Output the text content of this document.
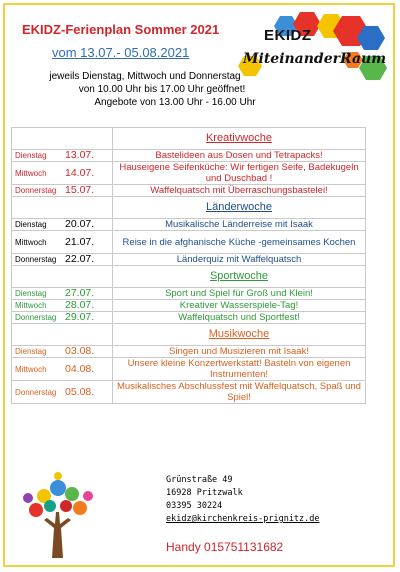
EKIDZ-Ferienplan Sommer 2021
vom 13.07.- 05.08.2021
jeweils Dienstag, Mittwoch und Donnerstag
von 10.00 Uhr bis 17.00 Uhr geöffnet!
Angebote von 13.00 Uhr - 16.00 Uhr
EKIDZ
MiteinanderRaum
	Kreativwoche
Dienstag 13.07.	Bastelideen aus Dosen und Tetrapacks!
Mittwoch 14.07.	Hauseigene Seifenküche: Wir fertigen Seife, Badekugeln und Duschbad !
Donnerstag 15.07.	Waffelquatsch mit Überraschungsbastelei!
	Länderwoche
Dienstag 20.07.	Musikalische Länderreise mit Isaak
Mittwoch 21.07.	Reise in die afghanische Küche -gemeinsames Kochen
Donnerstag 22.07.	Länderquiz mit Waffelquatsch
	Sportwoche
Dienstag 27.07.	Sport und Spiel für Groß und Klein!
Mittwoch 28.07.	Kreativer Wasserspiele-Tag!
Donnerstag 29.07.	Waffelquatsch und Sportfest!
	Musikwoche
Dienstag 03.08.	Singen und Musizieren mit Isaak!
Mittwoch 04.08.	Unsere kleine Konzertwerkstatt! Basteln von eigenen Instrumenten!
Donnerstag 05.08.	Musikalisches Abschlussfest mit Waffelquatsch, Spaß und Spiel!
Grünstraße 49
16928 Pritzwalk
03395 30224
ekidz@kirchenkreis-prignitz.de
Handy 015751131682
